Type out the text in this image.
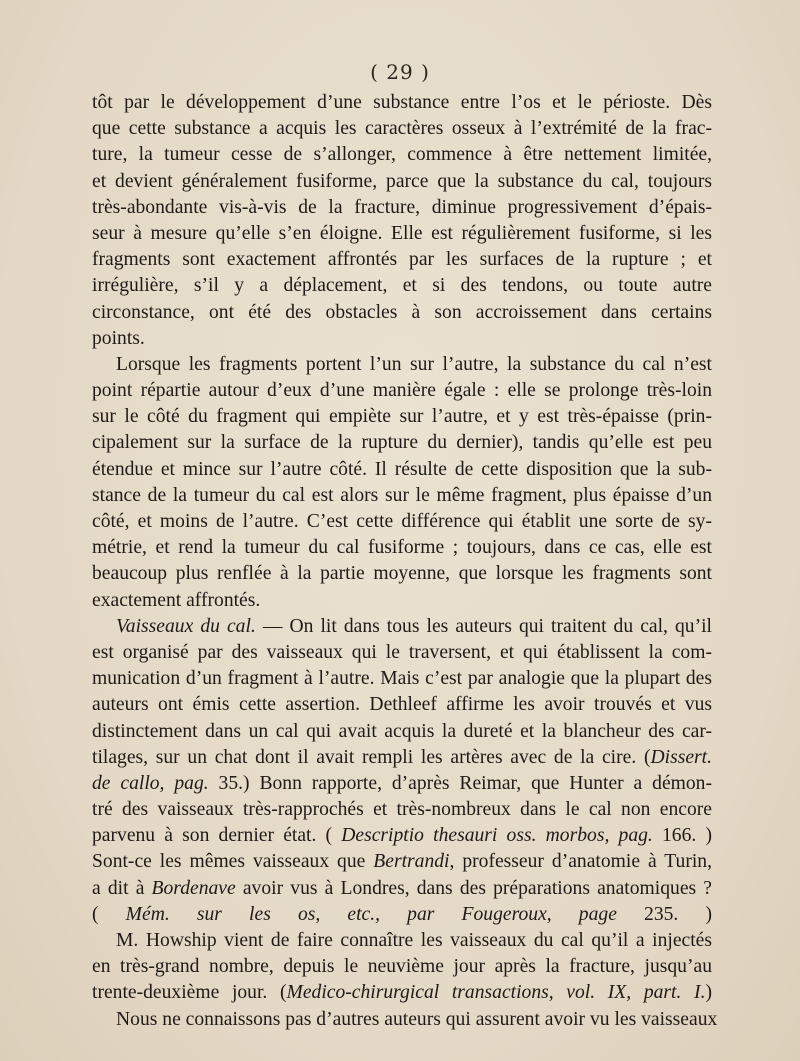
( 29 )
tôt par le développement d’une substance entre l’os et le périoste. Dès
que cette substance a acquis les caractères osseux à l’extrémité de la frac-
ture, la tumeur cesse de s’allonger, commence à être nettement limitée,
et devient généralement fusiforme, parce que la substance du cal, toujours
très-abondante vis-à-vis de la fracture, diminue progressivement d’épais-
seur à mesure qu’elle s’en éloigne. Elle est régulièrement fusiforme, si les
fragments sont exactement affrontés par les surfaces de la rupture ; et
irrégulière, s’il y a déplacement, et si des tendons, ou toute autre
circonstance, ont été des obstacles à son accroissement dans certains
points.
Lorsque les fragments portent l’un sur l’autre, la substance du cal n’est
point répartie autour d’eux d’une manière égale : elle se prolonge très-loin
sur le côté du fragment qui empiète sur l’autre, et y est très-épaisse (prin-
cipalement sur la surface de la rupture du dernier), tandis qu’elle est peu
étendue et mince sur l’autre côté. Il résulte de cette disposition que la sub-
stance de la tumeur du cal est alors sur le même fragment, plus épaisse d’un
côté, et moins de l’autre. C’est cette différence qui établit une sorte de sy-
métrie, et rend la tumeur du cal fusiforme ; toujours, dans ce cas, elle est
beaucoup plus renflée à la partie moyenne, que lorsque les fragments sont
exactement affrontés.
Vaisseaux du cal. — On lit dans tous les auteurs qui traitent du cal, qu’il
est organisé par des vaisseaux qui le traversent, et qui établissent la com-
munication d’un fragment à l’autre. Mais c’est par analogie que la plupart des
auteurs ont émis cette assertion. Dethleef affirme les avoir trouvés et vus
distinctement dans un cal qui avait acquis la dureté et la blancheur des car-
tilages, sur un chat dont il avait rempli les artères avec de la cire. (Dissert.
de callo, pag. 35.) Bonn rapporte, d’après Reimar, que Hunter a démon-
tré des vaisseaux très-rapprochés et très-nombreux dans le cal non encore
parvenu à son dernier état. ( Descriptio thesauri oss. morbos, pag. 166. )
Sont-ce les mêmes vaisseaux que Bertrandi, professeur d’anatomie à Turin,
a dit à Bordenave avoir vus à Londres, dans des préparations anatomiques ?
( Mém. sur les os, etc., par Fougeroux, page 235. )
M. Howship vient de faire connaître les vaisseaux du cal qu’il a injectés
en très-grand nombre, depuis le neuvième jour après la fracture, jusqu’au
trente-deuxième jour. (Medico-chirurgical transactions, vol. IX, part. I.)
Nous ne connaissons pas d’autres auteurs qui assurent avoir vu les vaisseaux
